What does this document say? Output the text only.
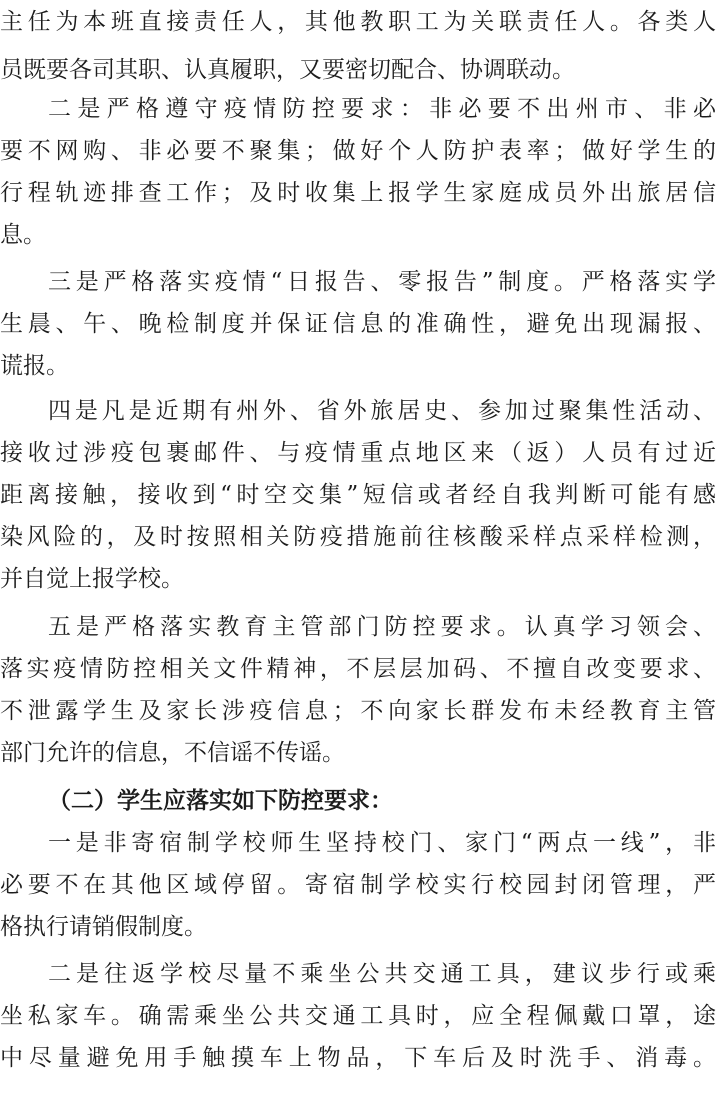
主任为本班直接责任人，其他教职工为关联责任人。各类人
员既要各司其职、认真履职，又要密切配合、协调联动。
二是严格遵守疫情防控要求：非必要不出州市、非必
要不网购、非必要不聚集；做好个人防护表率；做好学生的
行程轨迹排查工作；及时收集上报学生家庭成员外出旅居信
息。
三是严格落实疫情“日报告、零报告”制度。严格落实学
生晨、午、晚检制度并保证信息的准确性，避免出现漏报、
谎报。
四是凡是近期有州外、省外旅居史、参加过聚集性活动、
接收过涉疫包裹邮件、与疫情重点地区来（返）人员有过近
距离接触，接收到“时空交集”短信或者经自我判断可能有感
染风险的，及时按照相关防疫措施前往核酸采样点采样检测，
并自觉上报学校。
五是严格落实教育主管部门防控要求。认真学习领会、
落实疫情防控相关文件精神，不层层加码、不擅自改变要求、
不泄露学生及家长涉疫信息；不向家长群发布未经教育主管
部门允许的信息，不信谣不传谣。
（二）学生应落实如下防控要求：
一是非寄宿制学校师生坚持校门、家门“两点一线”，非
必要不在其他区域停留。寄宿制学校实行校园封闭管理，严
格执行请销假制度。
二是往返学校尽量不乘坐公共交通工具，建议步行或乘
坐私家车。确需乘坐公共交通工具时，应全程佩戴口罩，途
中尽量避免用手触摸车上物品，下车后及时洗手、消毒。
